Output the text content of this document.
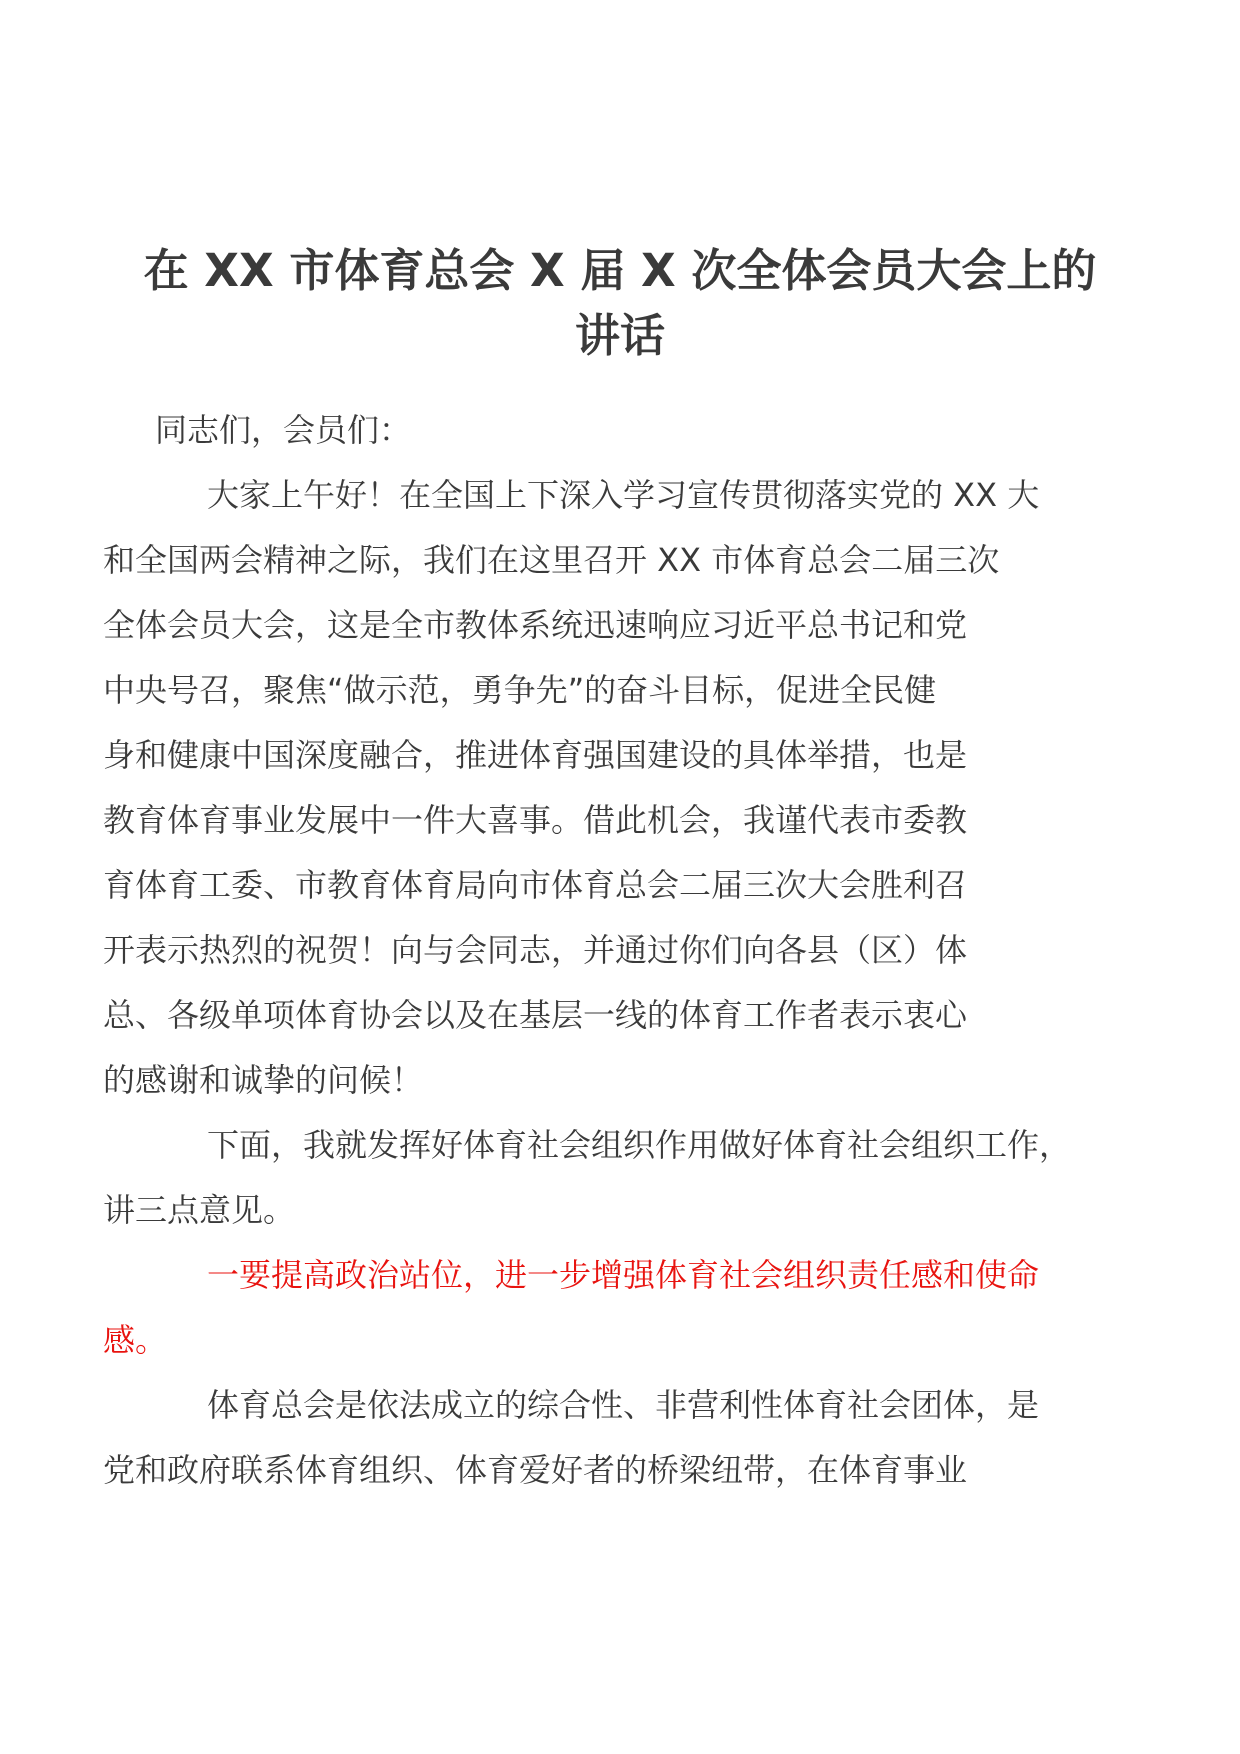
在 XX 市体育总会 X 届 X 次全体会员大会上的
讲话

同志们，会员们：

大家上午好！在全国上下深入学习宣传贯彻落实党的 XX 大
和全国两会精神之际，我们在这里召开 XX 市体育总会二届三次
全体会员大会，这是全市教体系统迅速响应习近平总书记和党
中央号召，聚焦“做示范，勇争先”的奋斗目标，促进全民健
身和健康中国深度融合，推进体育强国建设的具体举措，也是
教育体育事业发展中一件大喜事。借此机会，我谨代表市委教
育体育工委、市教育体育局向市体育总会二届三次大会胜利召
开表示热烈的祝贺！向与会同志，并通过你们向各县（区）体
总、各级单项体育协会以及在基层一线的体育工作者表示衷心
的感谢和诚挚的问候！

下面，我就发挥好体育社会组织作用做好体育社会组织工作，
讲三点意见。

一要提高政治站位，进一步增强体育社会组织责任感和使命
感。

体育总会是依法成立的综合性、非营利性体育社会团体，是
党和政府联系体育组织、体育爱好者的桥梁纽带，在体育事业
